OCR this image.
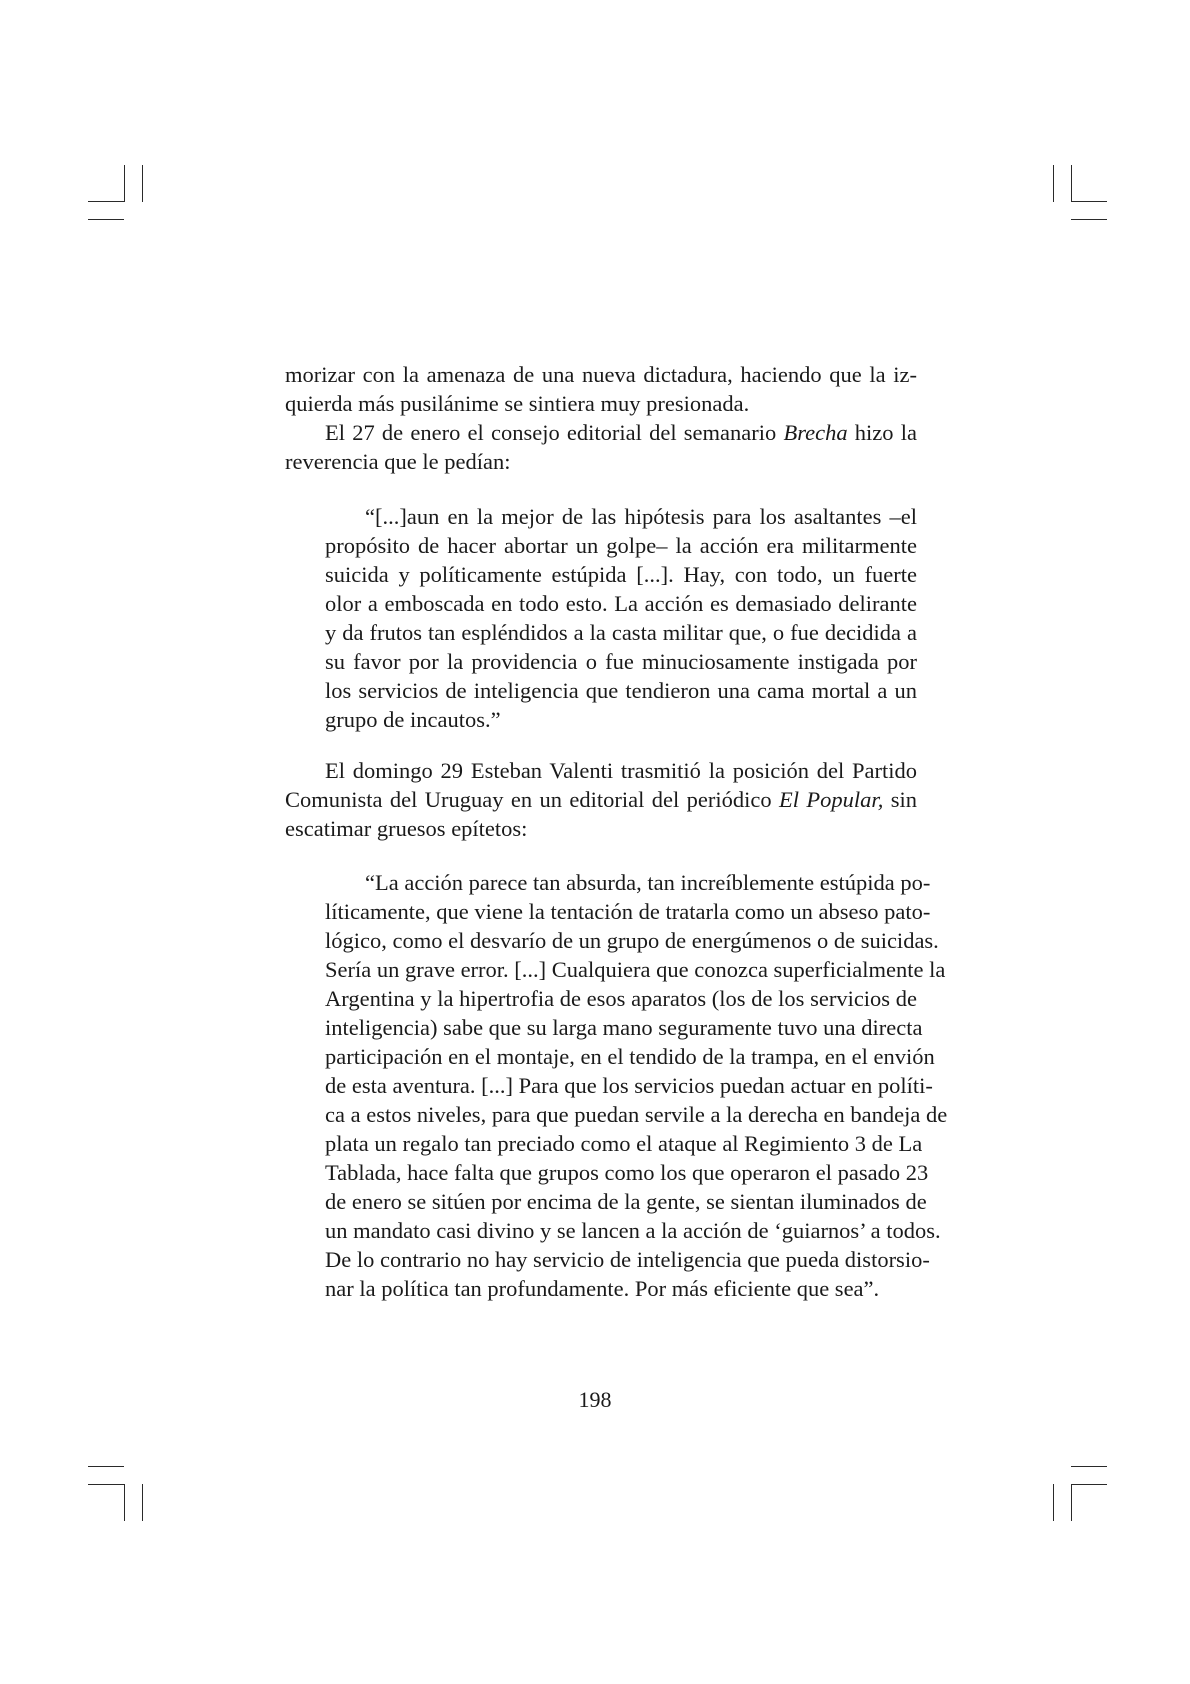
morizar con la amenaza de una nueva dictadura, haciendo que la iz-
quierda más pusilánime se sintiera muy presionada.
El 27 de enero el consejo editorial del semanario Brecha hizo la
reverencia que le pedían:
“[...]aun en la mejor de las hipótesis para los asaltantes –el
propósito de hacer abortar un golpe– la acción era militarmente
suicida y políticamente estúpida [...]. Hay, con todo, un fuerte
olor a emboscada en todo esto. La acción es demasiado delirante
y da frutos tan espléndidos a la casta militar que, o fue decidida a
su favor por la providencia o fue minuciosamente instigada por
los servicios de inteligencia que tendieron una cama mortal a un
grupo de incautos.”
El domingo 29 Esteban Valenti trasmitió la posición del Partido
Comunista del Uruguay en un editorial del periódico El Popular, sin
escatimar gruesos epítetos:
“La acción parece tan absurda, tan increíblemente estúpida po-
líticamente, que viene la tentación de tratarla como un abseso pato-
lógico, como el desvarío de un grupo de energúmenos o de suicidas.
Sería un grave error. [...] Cualquiera que conozca superficialmente la
Argentina y la hipertrofia de esos aparatos (los de los servicios de
inteligencia) sabe que su larga mano seguramente tuvo una directa
participación en el montaje, en el tendido de la trampa, en el envión
de esta aventura. [...] Para que los servicios puedan actuar en políti-
ca a estos niveles, para que puedan servile a la derecha en bandeja de
plata un regalo tan preciado como el ataque al Regimiento 3 de La
Tablada, hace falta que grupos como los que operaron el pasado 23
de enero se sitúen por encima de la gente, se sientan iluminados de
un mandato casi divino y se lancen a la acción de ‘guiarnos’ a todos.
De lo contrario no hay servicio de inteligencia que pueda distorsio-
nar la política tan profundamente. Por más eficiente que sea”.
198
